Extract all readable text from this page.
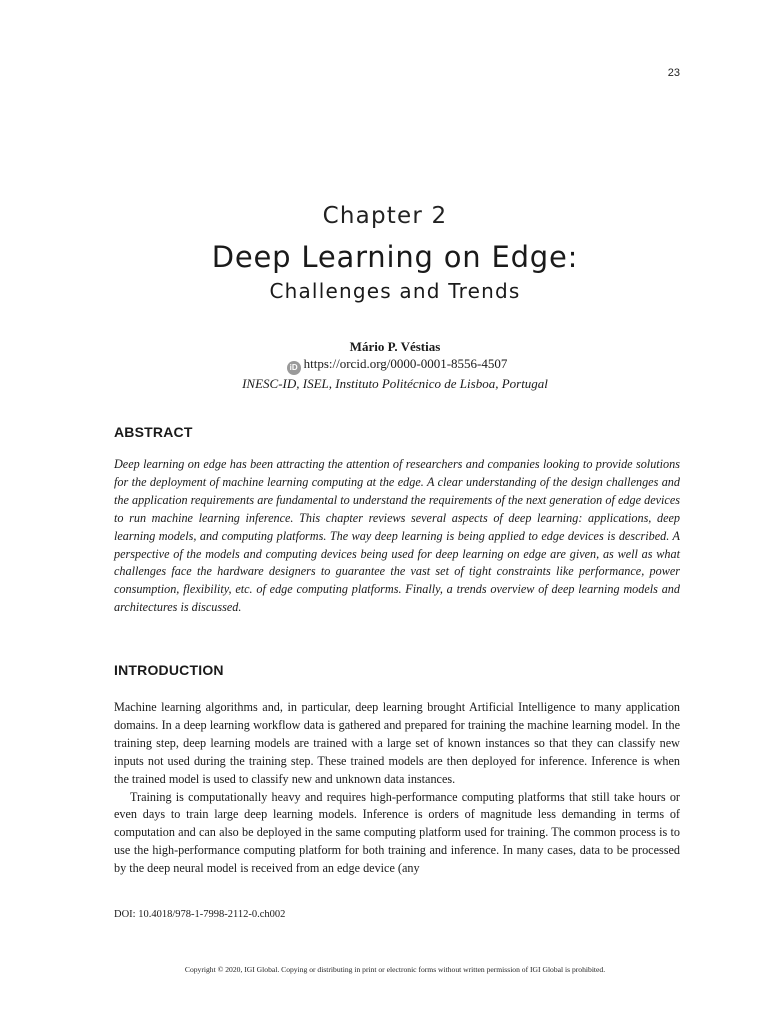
23
Chapter 2
Deep Learning on Edge:
Challenges and Trends
Mário P. Véstias
iD https://orcid.org/0000-0001-8556-4507
INESC-ID, ISEL, Instituto Politécnico de Lisboa, Portugal
ABSTRACT
Deep learning on edge has been attracting the attention of researchers and companies looking to provide solutions for the deployment of machine learning computing at the edge. A clear understanding of the design challenges and the application requirements are fundamental to understand the requirements of the next generation of edge devices to run machine learning inference. This chapter reviews several aspects of deep learning: applications, deep learning models, and computing platforms. The way deep learning is being applied to edge devices is described. A perspective of the models and computing devices being used for deep learning on edge are given, as well as what challenges face the hardware designers to guarantee the vast set of tight constraints like performance, power consumption, flexibility, etc. of edge computing platforms. Finally, a trends overview of deep learning models and architectures is discussed.
INTRODUCTION

Machine learning algorithms and, in particular, deep learning brought Artificial Intelligence to many application domains. In a deep learning workflow data is gathered and prepared for training the machine learning model. In the training step, deep learning models are trained with a large set of known instances so that they can classify new inputs not used during the training step. These trained models are then deployed for inference. Inference is when the trained model is used to classify new and unknown data instances.

Training is computationally heavy and requires high-performance computing platforms that still take hours or even days to train large deep learning models. Inference is orders of magnitude less demanding in terms of computation and can also be deployed in the same computing platform used for training. The common process is to use the high-performance computing platform for both training and inference. In many cases, data to be processed by the deep neural model is received from an edge device (any

DOI: 10.4018/978-1-7998-2112-0.ch002
Copyright © 2020, IGI Global. Copying or distributing in print or electronic forms without written permission of IGI Global is prohibited.
